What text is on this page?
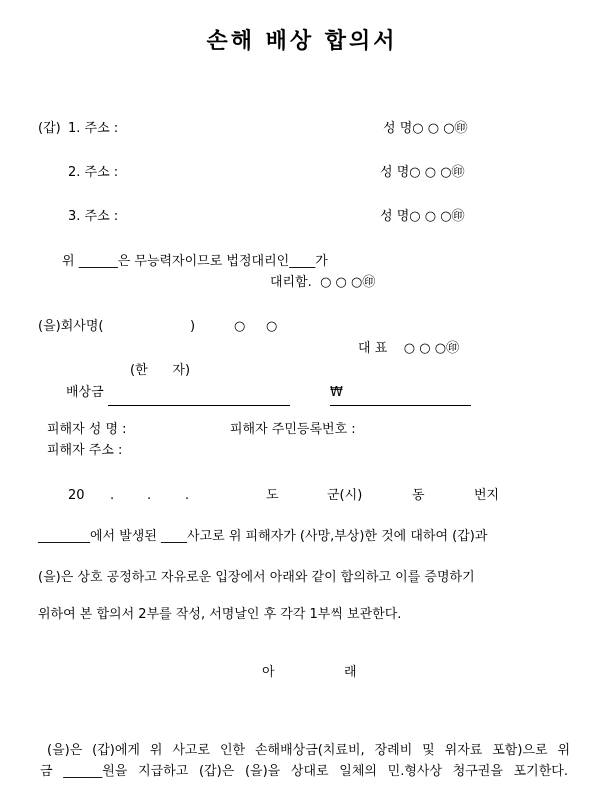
손해 배상 합의서
(갑) 1. 주소 :	성 명○ ○ ○㊞
2. 주소 :	성 명○ ○ ○㊞
3. 주소 :	성 명○ ○ ○㊞
위 ______은 무능력자이므로 법정대리인____가
대리함.  ○ ○ ○㊞
(을)회사명(	)	○     ○
대 표    ○ ○ ○㊞
(한      자)
배상금	₩
피해자 성 명 :	피해자 주민등록번호 :
피해자 주소 :
20 .	.	.	도	군(시)	동	번지
________에서 발생된 ____사고로 위 피해자가 (사망,부상)한 것에 대하여 (갑)과
(을)은 상호 공정하고 자유로운 입장에서 아래와 같이 합의하고 이를 증명하기
위하여 본 합의서 2부를 작성, 서명날인 후 각각 1부씩 보관한다.
아	래
(을)은 (갑)에게 위 사고로 인한 손해배상금(치료비, 장례비 및 위자료 포함)으로 위
금 ______원을 지급하고 (갑)은 (을)을 상대로 일체의 민.형사상 청구권을 포기한다.
